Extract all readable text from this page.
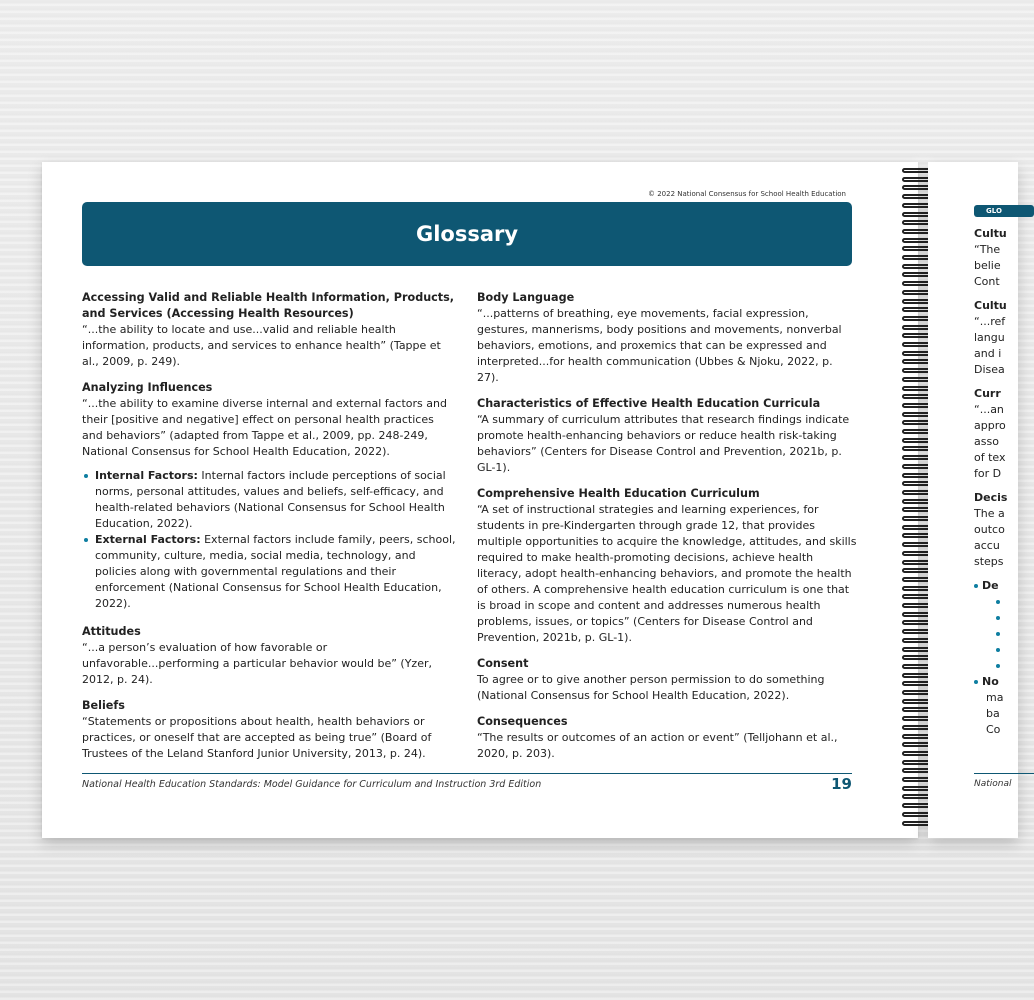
© 2022 National Consensus for School Health Education
Glossary
Accessing Valid and Reliable Health Information, Products, and Services (Accessing Health Resources)

“...the ability to locate and use...valid and reliable health information, products, and services to enhance health” (Tappe et al., 2009, p. 249).

Analyzing Influences

“...the ability to examine diverse internal and external factors and their [positive and negative] effect on personal health practices and behaviors” (adapted from Tappe et al., 2009, pp. 248-249, National Consensus for School Health Education, 2022).

Internal Factors: Internal factors include perceptions of social norms, personal attitudes, values and beliefs, self-efficacy, and health-related behaviors (National Consensus for School Health Education, 2022).
External Factors: External factors include family, peers, school, community, culture, media, social media, technology, and policies along with governmental regulations and their enforcement (National Consensus for School Health Education, 2022).
Attitudes

“...a person’s evaluation of how favorable or unfavorable...performing a particular behavior would be” (Yzer, 2012, p. 24).

Beliefs

“Statements or propositions about health, health behaviors or practices, or oneself that are accepted as being true” (Board of Trustees of the Leland Stanford Junior University, 2013, p. 24).

Body Language

“...patterns of breathing, eye movements, facial expression, gestures, mannerisms, body positions and movements, nonverbal behaviors, emotions, and proxemics that can be expressed and interpreted...for health communication (Ubbes & Njoku, 2022, p. 27).

Characteristics of Effective Health Education Curricula

“A summary of curriculum attributes that research findings indicate promote health-enhancing behaviors or reduce health risk-taking behaviors” (Centers for Disease Control and Prevention, 2021b, p. GL-1).

Comprehensive Health Education Curriculum

“A set of instructional strategies and learning experiences, for students in pre-Kindergarten through grade 12, that provides multiple opportunities to acquire the knowledge, attitudes, and skills required to make health-promoting decisions, achieve health literacy, adopt health-enhancing behaviors, and promote the health of others. A comprehensive health education curriculum is one that is broad in scope and content and addresses numerous health problems, issues, or topics” (Centers for Disease Control and Prevention, 2021b, p. GL-1).

Consent

To agree or to give another person permission to do something (National Consensus for School Health Education, 2022).

Consequences

“The results or outcomes of an action or event” (Telljohann et al., 2020, p. 203).

National Health Education Standards: Model Guidance for Curriculum and Instruction 3rd Edition	19
GLO
Cultu
“The
belie
Cont
Cultu
“...ref
langu
and i
Disea
Curr
“...an
appro
asso
of tex
for D
Decis
The a
outco
accu
steps
De
No
ma
ba
Co
National
